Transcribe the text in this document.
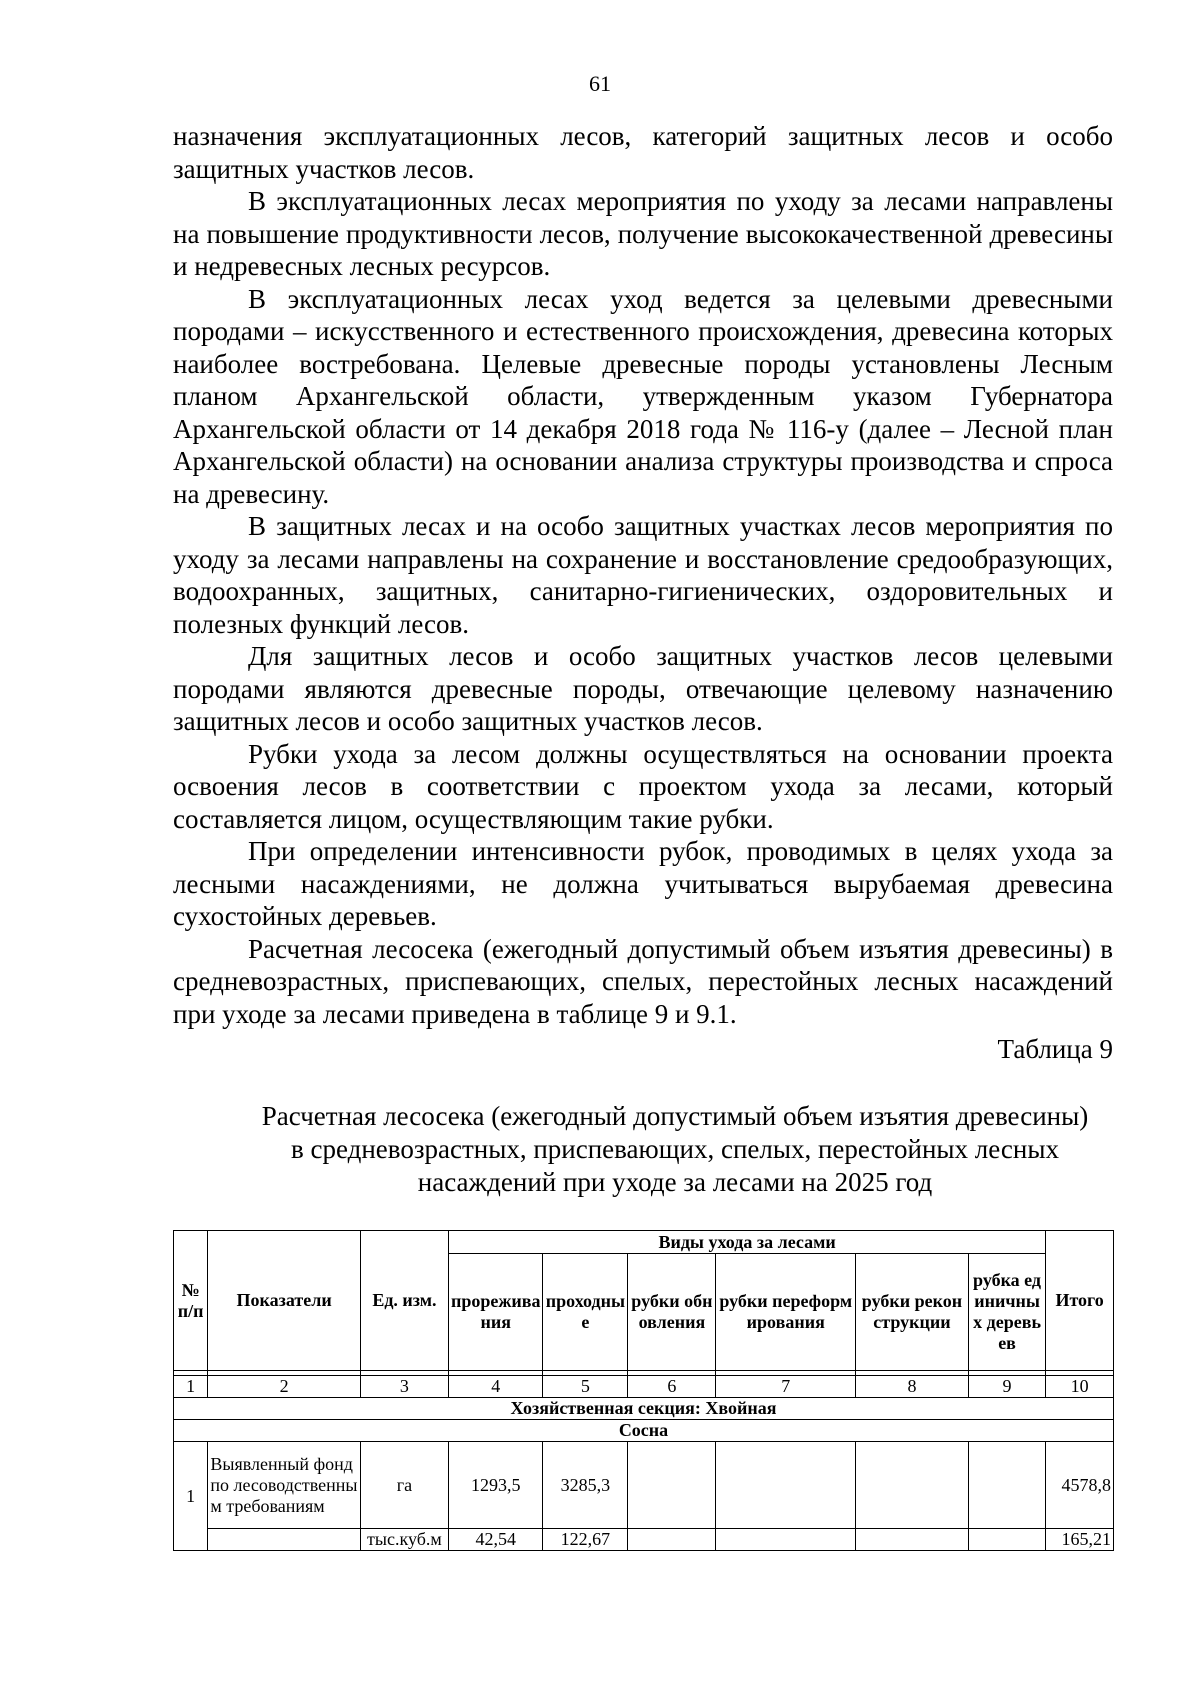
61

назначения эксплуатационных лесов, категорий защитных лесов и особо защитных участков лесов.

В эксплуатационных лесах мероприятия по уходу за лесами направлены на повышение продуктивности лесов, получение высококачественной древесины и недревесных лесных ресурсов.

В эксплуатационных лесах уход ведется за целевыми древесными породами – искусственного и естественного происхождения, древесина которых наиболее востребована. Целевые древесные породы установлены Лесным планом Архангельской области, утвержденным указом Губернатора Архангельской области от 14 декабря 2018 года № 116-у (далее – Лесной план Архангельской области) на основании анализа структуры производства и спроса на древесину.

В защитных лесах и на особо защитных участках лесов мероприятия по уходу за лесами направлены на сохранение и восстановление средообразующих, водоохранных, защитных, санитарно-гигиенических, оздоровительных и полезных функций лесов.

Для защитных лесов и особо защитных участков лесов целевыми породами являются древесные породы, отвечающие целевому назначению защитных лесов и особо защитных участков лесов.

Рубки ухода за лесом должны осуществляться на основании проекта освоения лесов в соответствии с проектом ухода за лесами, который составляется лицом, осуществляющим такие рубки.

При определении интенсивности рубок, проводимых в целях ухода за лесными насаждениями, не должна учитываться вырубаемая древесина сухостойных деревьев.

Расчетная лесосека (ежегодный допустимый объем изъятия древесины) в средневозрастных, приспевающих, спелых, перестойных лесных насаждений при уходе за лесами приведена в таблице 9 и 9.1.

Таблица 9
Расчетная лесосека (ежегодный допустимый объем изъятия древесины)
в средневозрастных, приспевающих, спелых, перестойных лесных
насаждений при уходе за лесами на 2025 год
№ п/п	Показатели	Ед. изм.	Виды ухода за лесами						Итого
			прореживания	проходные	рубки обновления	рубки переформирования	рубки реконструкции	рубка единичных деревьев	

1	2	3	4	5	6	7	8	9	10
Хозяйственная секция: Хвойная									
Сосна									
1	Выявленный фонд по лесоводственным требованиям	га	1293,5	3285,3					4578,8
		тыс.куб.м	42,54	122,67					165,21
